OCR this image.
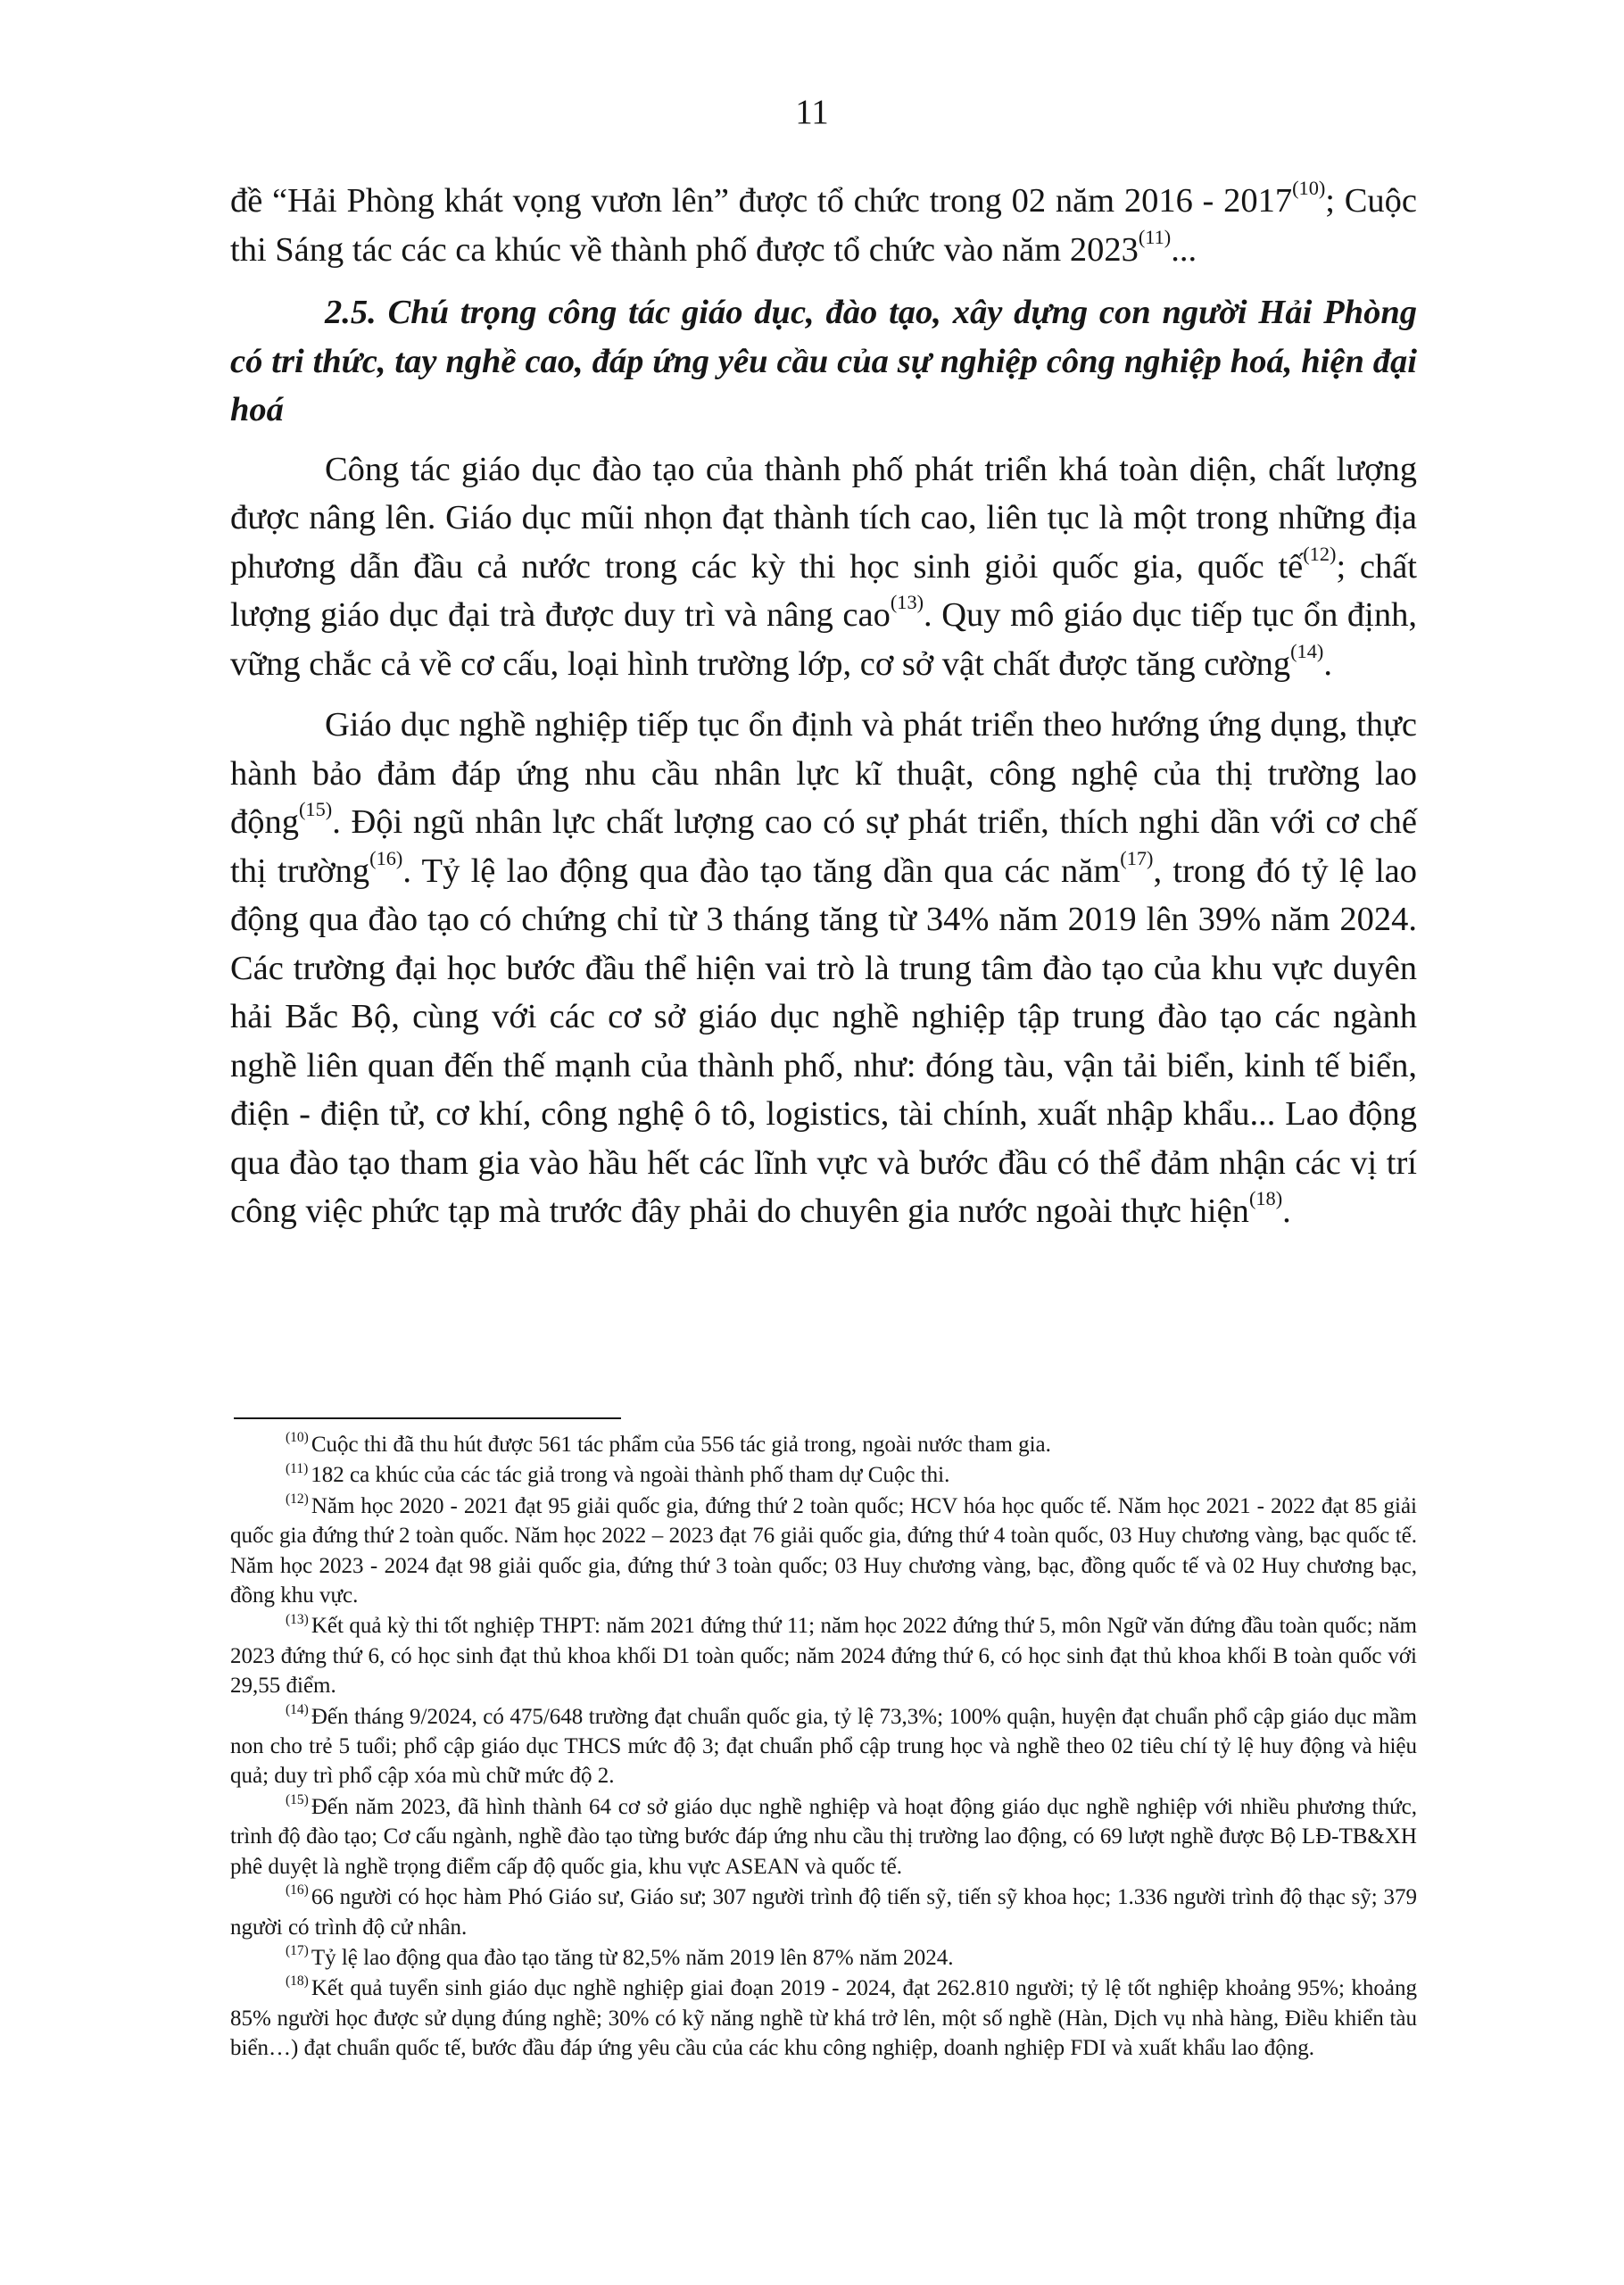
11

đề “Hải Phòng khát vọng vươn lên” được tổ chức trong 02 năm 2016 - 2017$^{(10)}$; Cuộc thi Sáng tác các ca khúc về thành phố được tổ chức vào năm 2023$^{(11)}$...

2.5. Chú trọng công tác giáo dục, đào tạo, xây dựng con người Hải Phòng có tri thức, tay nghề cao, đáp ứng yêu cầu của sự nghiệp công nghiệp hoá, hiện đại hoá

Công tác giáo dục đào tạo của thành phố phát triển khá toàn diện, chất lượng được nâng lên. Giáo dục mũi nhọn đạt thành tích cao, liên tục là một trong những địa phương dẫn đầu cả nước trong các kỳ thi học sinh giỏi quốc gia, quốc tế$^{(12)}$; chất lượng giáo dục đại trà được duy trì và nâng cao$^{(13)}$. Quy mô giáo dục tiếp tục ổn định, vững chắc cả về cơ cấu, loại hình trường lớp, cơ sở vật chất được tăng cường$^{(14)}$.

Giáo dục nghề nghiệp tiếp tục ổn định và phát triển theo hướng ứng dụng, thực hành bảo đảm đáp ứng nhu cầu nhân lực kĩ thuật, công nghệ của thị trường lao động$^{(15)}$. Đội ngũ nhân lực chất lượng cao có sự phát triển, thích nghi dần với cơ chế thị trường$^{(16)}$. Tỷ lệ lao động qua đào tạo tăng dần qua các năm$^{(17)}$, trong đó tỷ lệ lao động qua đào tạo có chứng chỉ từ 3 tháng tăng từ 34% năm 2019 lên 39% năm 2024. Các trường đại học bước đầu thể hiện vai trò là trung tâm đào tạo của khu vực duyên hải Bắc Bộ, cùng với các cơ sở giáo dục nghề nghiệp tập trung đào tạo các ngành nghề liên quan đến thế mạnh của thành phố, như: đóng tàu, vận tải biển, kinh tế biển, điện - điện tử, cơ khí, công nghệ ô tô, logistics, tài chính, xuất nhập khẩu... Lao động qua đào tạo tham gia vào hầu hết các lĩnh vực và bước đầu có thể đảm nhận các vị trí công việc phức tạp mà trước đây phải do chuyên gia nước ngoài thực hiện$^{(18)}$.

$^{(10)}$ Cuộc thi đã thu hút được 561 tác phẩm của 556 tác giả trong, ngoài nước tham gia.

$^{(11)}$ 182 ca khúc của các tác giả trong và ngoài thành phố tham dự Cuộc thi.

$^{(12)}$ Năm học 2020 - 2021 đạt 95 giải quốc gia, đứng thứ 2 toàn quốc; HCV hóa học quốc tế. Năm học 2021 - 2022 đạt 85 giải quốc gia đứng thứ 2 toàn quốc. Năm học 2022 – 2023 đạt 76 giải quốc gia, đứng thứ 4 toàn quốc, 03 Huy chương vàng, bạc quốc tế. Năm học 2023 - 2024 đạt 98 giải quốc gia, đứng thứ 3 toàn quốc; 03 Huy chương vàng, bạc, đồng quốc tế và 02 Huy chương bạc, đồng khu vực.

$^{(13)}$ Kết quả kỳ thi tốt nghiệp THPT: năm 2021 đứng thứ 11; năm học 2022 đứng thứ 5, môn Ngữ văn đứng đầu toàn quốc; năm 2023 đứng thứ 6, có học sinh đạt thủ khoa khối D1 toàn quốc; năm 2024 đứng thứ 6, có học sinh đạt thủ khoa khối B toàn quốc với 29,55 điểm.

$^{(14)}$ Đến tháng 9/2024, có 475/648 trường đạt chuẩn quốc gia, tỷ lệ 73,3%; 100% quận, huyện đạt chuẩn phổ cập giáo dục mầm non cho trẻ 5 tuổi; phổ cập giáo dục THCS mức độ 3; đạt chuẩn phổ cập trung học và nghề theo 02 tiêu chí tỷ lệ huy động và hiệu quả; duy trì phổ cập xóa mù chữ mức độ 2.

$^{(15)}$ Đến năm 2023, đã hình thành 64 cơ sở giáo dục nghề nghiệp và hoạt động giáo dục nghề nghiệp với nhiều phương thức, trình độ đào tạo; Cơ cấu ngành, nghề đào tạo từng bước đáp ứng nhu cầu thị trường lao động, có 69 lượt nghề được Bộ LĐ-TB&XH phê duyệt là nghề trọng điểm cấp độ quốc gia, khu vực ASEAN và quốc tế.

$^{(16)}$ 66 người có học hàm Phó Giáo sư, Giáo sư; 307 người trình độ tiến sỹ, tiến sỹ khoa học; 1.336 người trình độ thạc sỹ; 379 người có trình độ cử nhân.

$^{(17)}$ Tỷ lệ lao động qua đào tạo tăng từ 82,5% năm 2019 lên 87% năm 2024.

$^{(18)}$ Kết quả tuyển sinh giáo dục nghề nghiệp giai đoạn 2019 - 2024, đạt 262.810 người; tỷ lệ tốt nghiệp khoảng 95%; khoảng 85% người học được sử dụng đúng nghề; 30% có kỹ năng nghề từ khá trở lên, một số nghề (Hàn, Dịch vụ nhà hàng, Điều khiển tàu biển…) đạt chuẩn quốc tế, bước đầu đáp ứng yêu cầu của các khu công nghiệp, doanh nghiệp FDI và xuất khẩu lao động.
